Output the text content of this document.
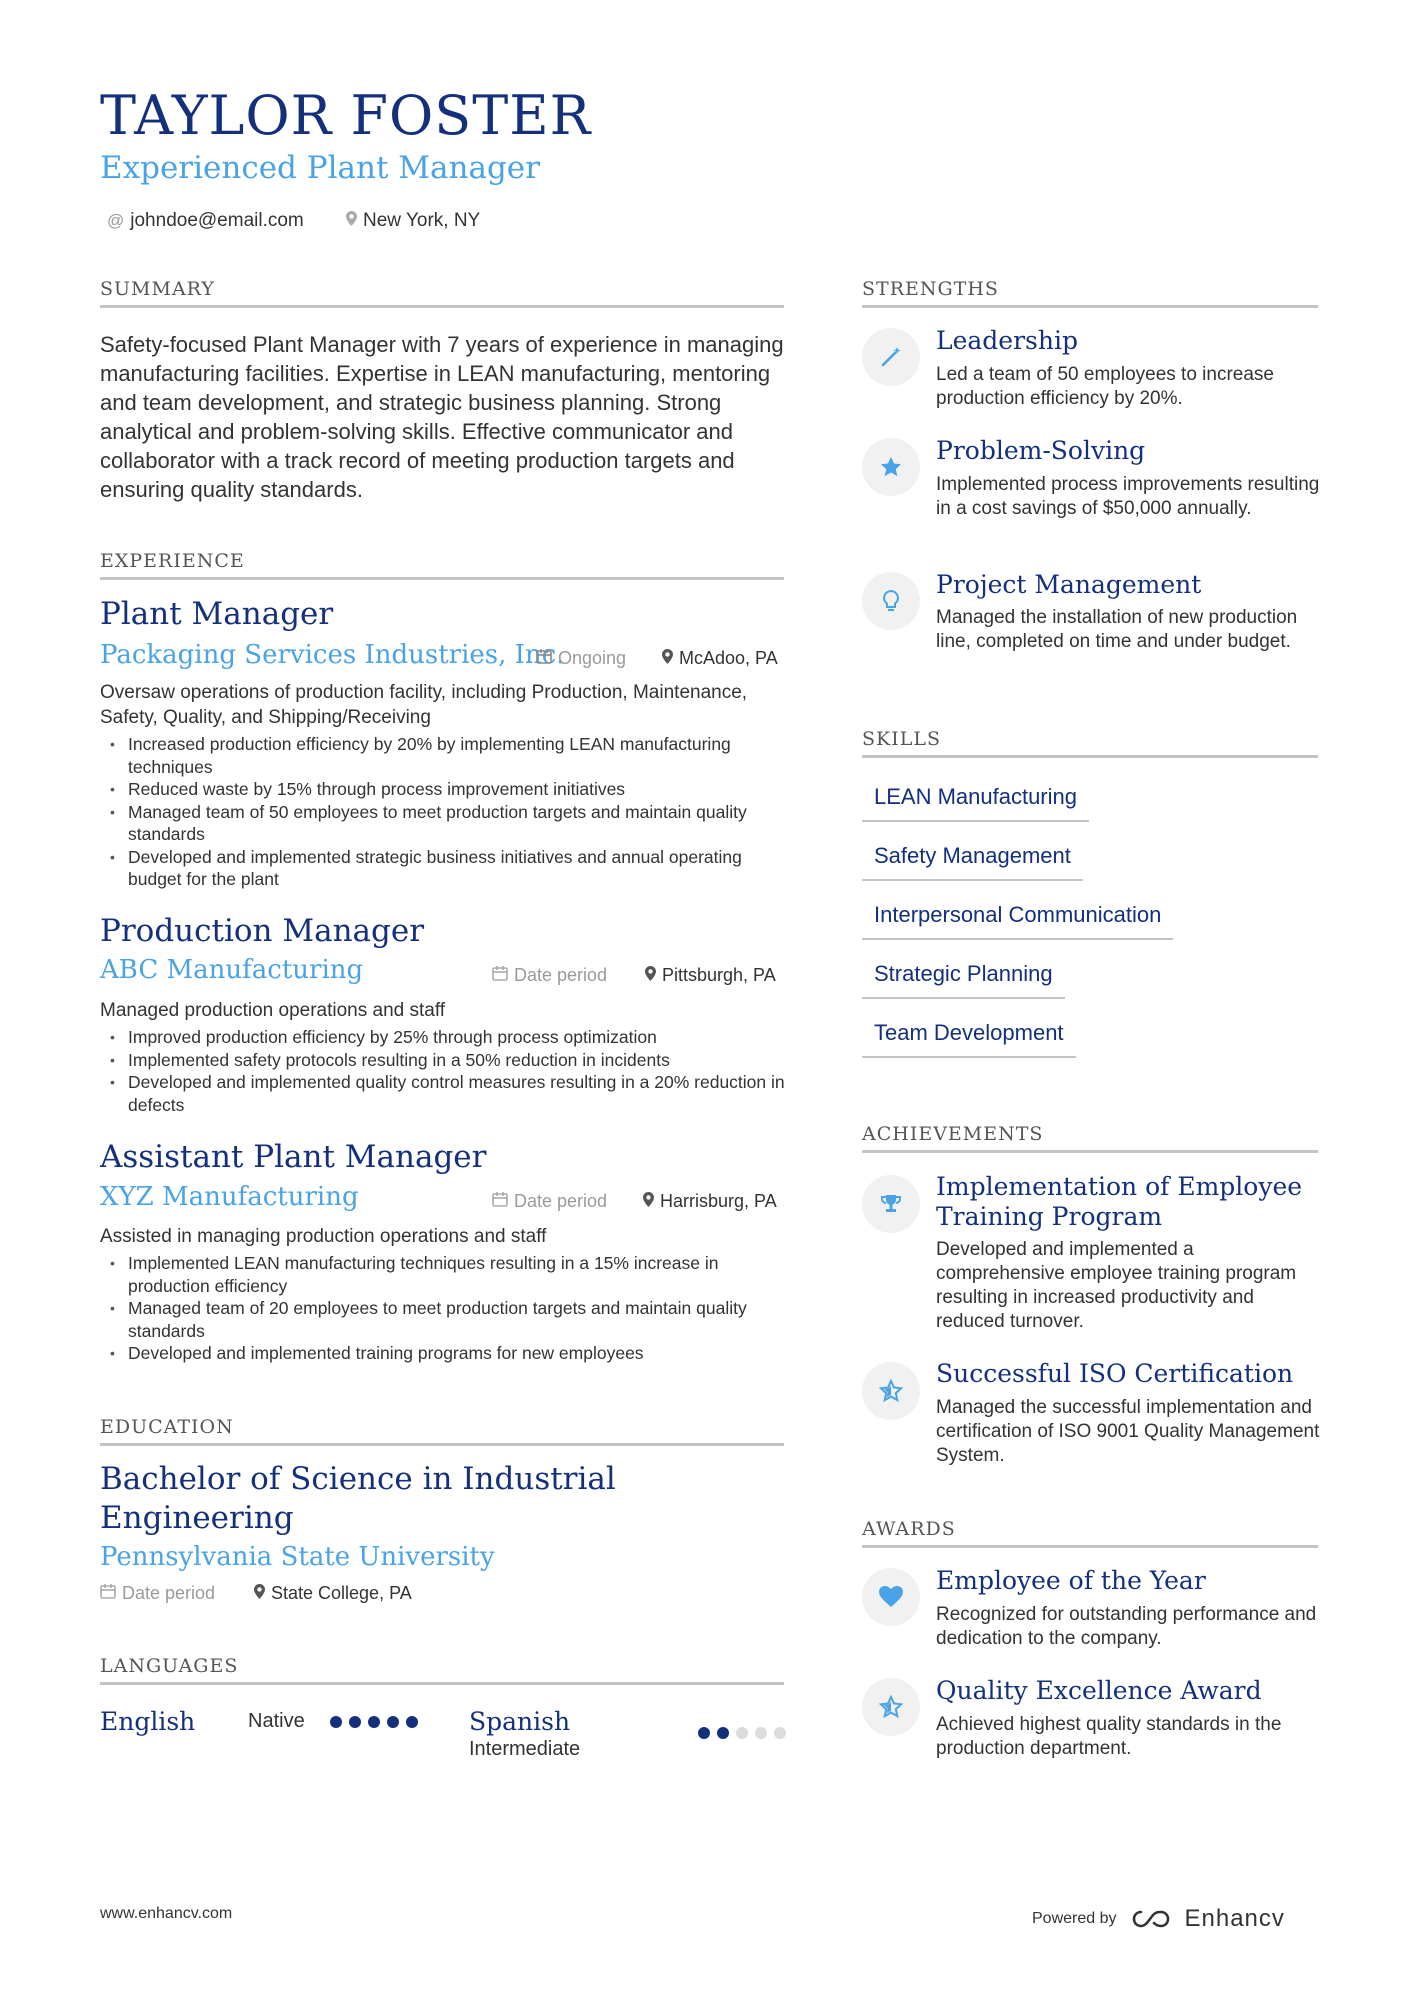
TAYLOR FOSTER
Experienced Plant Manager
@ johndoe@email.com	New York, NY
SUMMARY
Safety-focused Plant Manager with 7 years of experience in managing manufacturing facilities. Expertise in LEAN manufacturing, mentoring and team development, and strategic business planning. Strong analytical and problem-solving skills. Effective communicator and collaborator with a track record of meeting production targets and ensuring quality standards.
EXPERIENCE
Plant Manager
Packaging Services Industries, Inc.
Ongoing	McAdoo, PA
Oversaw operations of production facility, including Production, Maintenance, Safety, Quality, and Shipping/Receiving
• Increased production efficiency by 20% by implementing LEAN manufacturing techniques
• Reduced waste by 15% through process improvement initiatives
• Managed team of 50 employees to meet production targets and maintain quality standards
• Developed and implemented strategic business initiatives and annual operating budget for the plant
Production Manager
ABC Manufacturing	Date period	Pittsburgh, PA
Managed production operations and staff
• Improved production efficiency by 25% through process optimization
• Implemented safety protocols resulting in a 50% reduction in incidents
• Developed and implemented quality control measures resulting in a 20% reduction in defects
Assistant Plant Manager
XYZ Manufacturing	Date period	Harrisburg, PA
Assisted in managing production operations and staff
• Implemented LEAN manufacturing techniques resulting in a 15% increase in production efficiency
• Managed team of 20 employees to meet production targets and maintain quality standards
• Developed and implemented training programs for new employees
EDUCATION
Bachelor of Science in Industrial Engineering
Pennsylvania State University
Date period	State College, PA
LANGUAGES
English	Native	Spanish
Intermediate
STRENGTHS
Leadership
Led a team of 50 employees to increase production efficiency by 20%.
Problem-Solving
Implemented process improvements resulting in a cost savings of $50,000 annually.
Project Management
Managed the installation of new production line, completed on time and under budget.
SKILLS
LEAN Manufacturing
Safety Management
Interpersonal Communication
Strategic Planning
Team Development
ACHIEVEMENTS
Implementation of Employee Training Program
Developed and implemented a comprehensive employee training program resulting in increased productivity and reduced turnover.
Successful ISO Certification
Managed the successful implementation and certification of ISO 9001 Quality Management System.
AWARDS
Employee of the Year
Recognized for outstanding performance and dedication to the company.
Quality Excellence Award
Achieved highest quality standards in the production department.
www.enhancv.com	Powered by	Enhancv
